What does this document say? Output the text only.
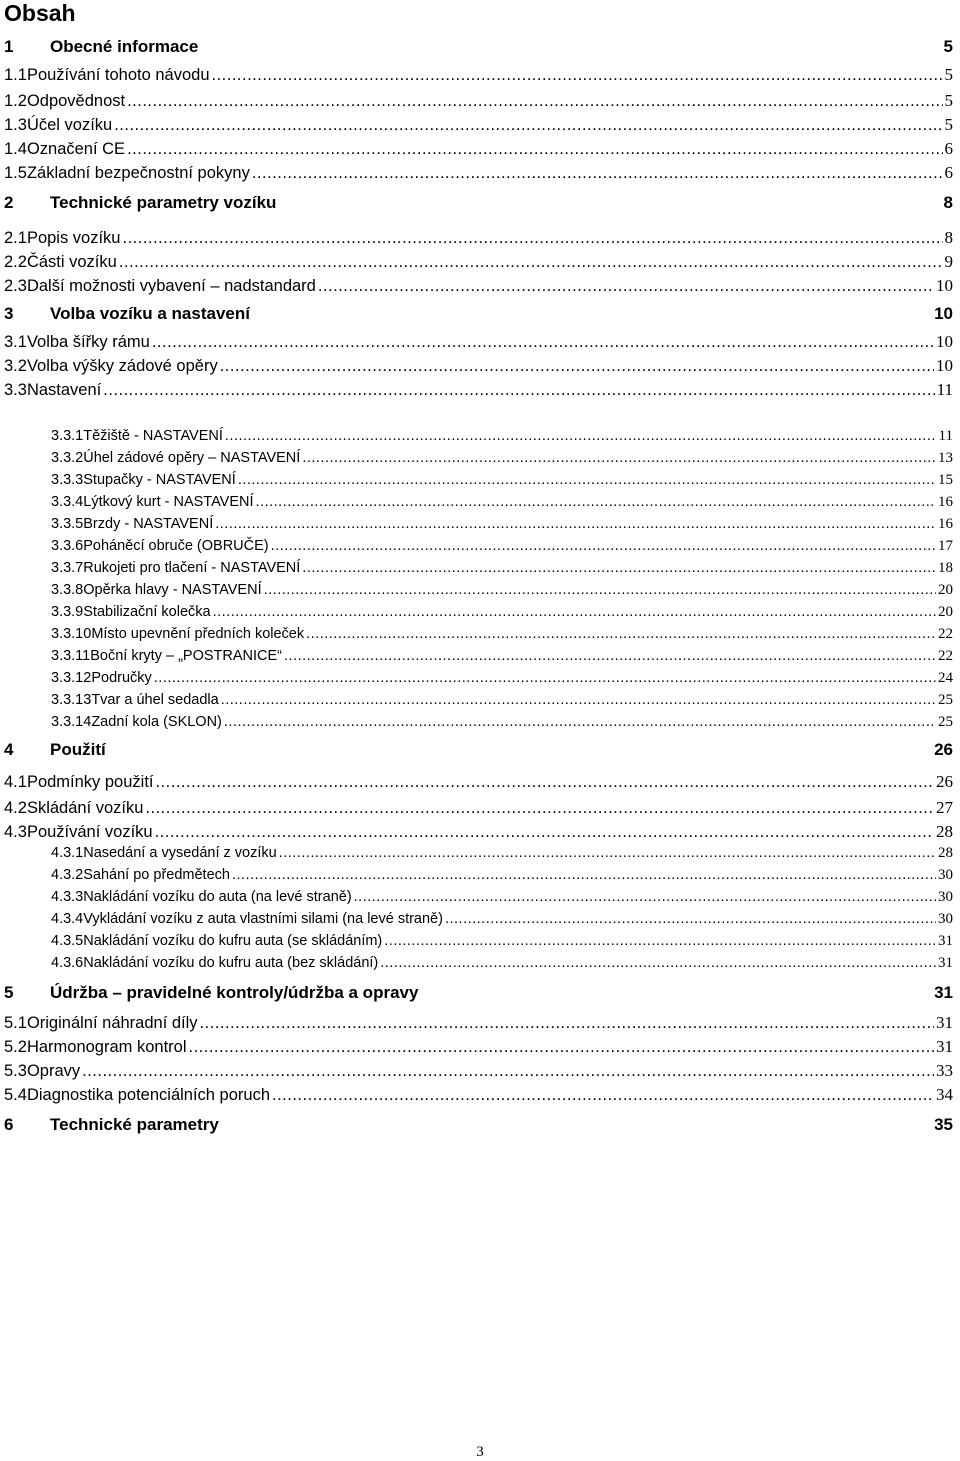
Obsah
1	Obecné informace	5
1.1 Používání tohoto návodu .....	5
1.2 Odpovědnost .....	5
1.3 Účel vozíku .....	5
1.4 Označení CE .....	6
1.5 Základní bezpečnostní pokyny .....	6
2	Technické parametry vozíku	8
2.1 Popis vozíku .....	8
2.2 Části vozíku .....	9
2.3 Další možnosti vybavení – nadstandard .....	10
3	Volba vozíku a nastavení	10
3.1 Volba šířky rámu .....	10
3.2 Volba výšky zádové opěry .....	10
3.3 Nastavení .....	11
3.3.1 Těžiště - NASTAVENÍ .....	11
3.3.2 Úhel zádové opěry – NASTAVENÍ .....	13
3.3.3 Stupačky - NASTAVENÍ .....	15
3.3.4 Lýtkový kurt - NASTAVENÍ .....	16
3.3.5 Brzdy - NASTAVENÍ .....	16
3.3.6 Poháněcí obruče (OBRUČE) .....	17
3.3.7 Rukojeti pro tlačení - NASTAVENÍ .....	18
3.3.8 Opěrka hlavy - NASTAVENÍ .....	20
3.3.9 Stabilizační kolečka .....	20
3.3.10 Místo upevnění předních koleček .....	22
3.3.11 Boční kryty – „POSTRANICE“ .....	22
3.3.12 Područky .....	24
3.3.13 Tvar a úhel sedadla .....	25
3.3.14 Zadní kola (SKLON) .....	25
4	Použití	26
4.1 Podmínky použití .....	26
4.2 Skládání vozíku .....	27
4.3 Používání vozíku .....	28
4.3.1 Nasedání a vysedání z vozíku .....	28
4.3.2 Sahání po předmětech .....	30
4.3.3 Nakládání vozíku do auta (na levé straně) .....	30
4.3.4 Vykládání vozíku z auta vlastními silami (na levé straně) .....	30
4.3.5 Nakládání vozíku do kufru auta (se skládáním) .....	31
4.3.6 Nakládání vozíku do kufru auta (bez skládání) .....	31
5	Údržba – pravidelné kontroly/údržba a opravy	31
5.1 Originální náhradní díly .....	31
5.2 Harmonogram kontrol .....	31
5.3 Opravy .....	33
5.4 Diagnostika potenciálních poruch .....	34
6	Technické parametry	35
3
